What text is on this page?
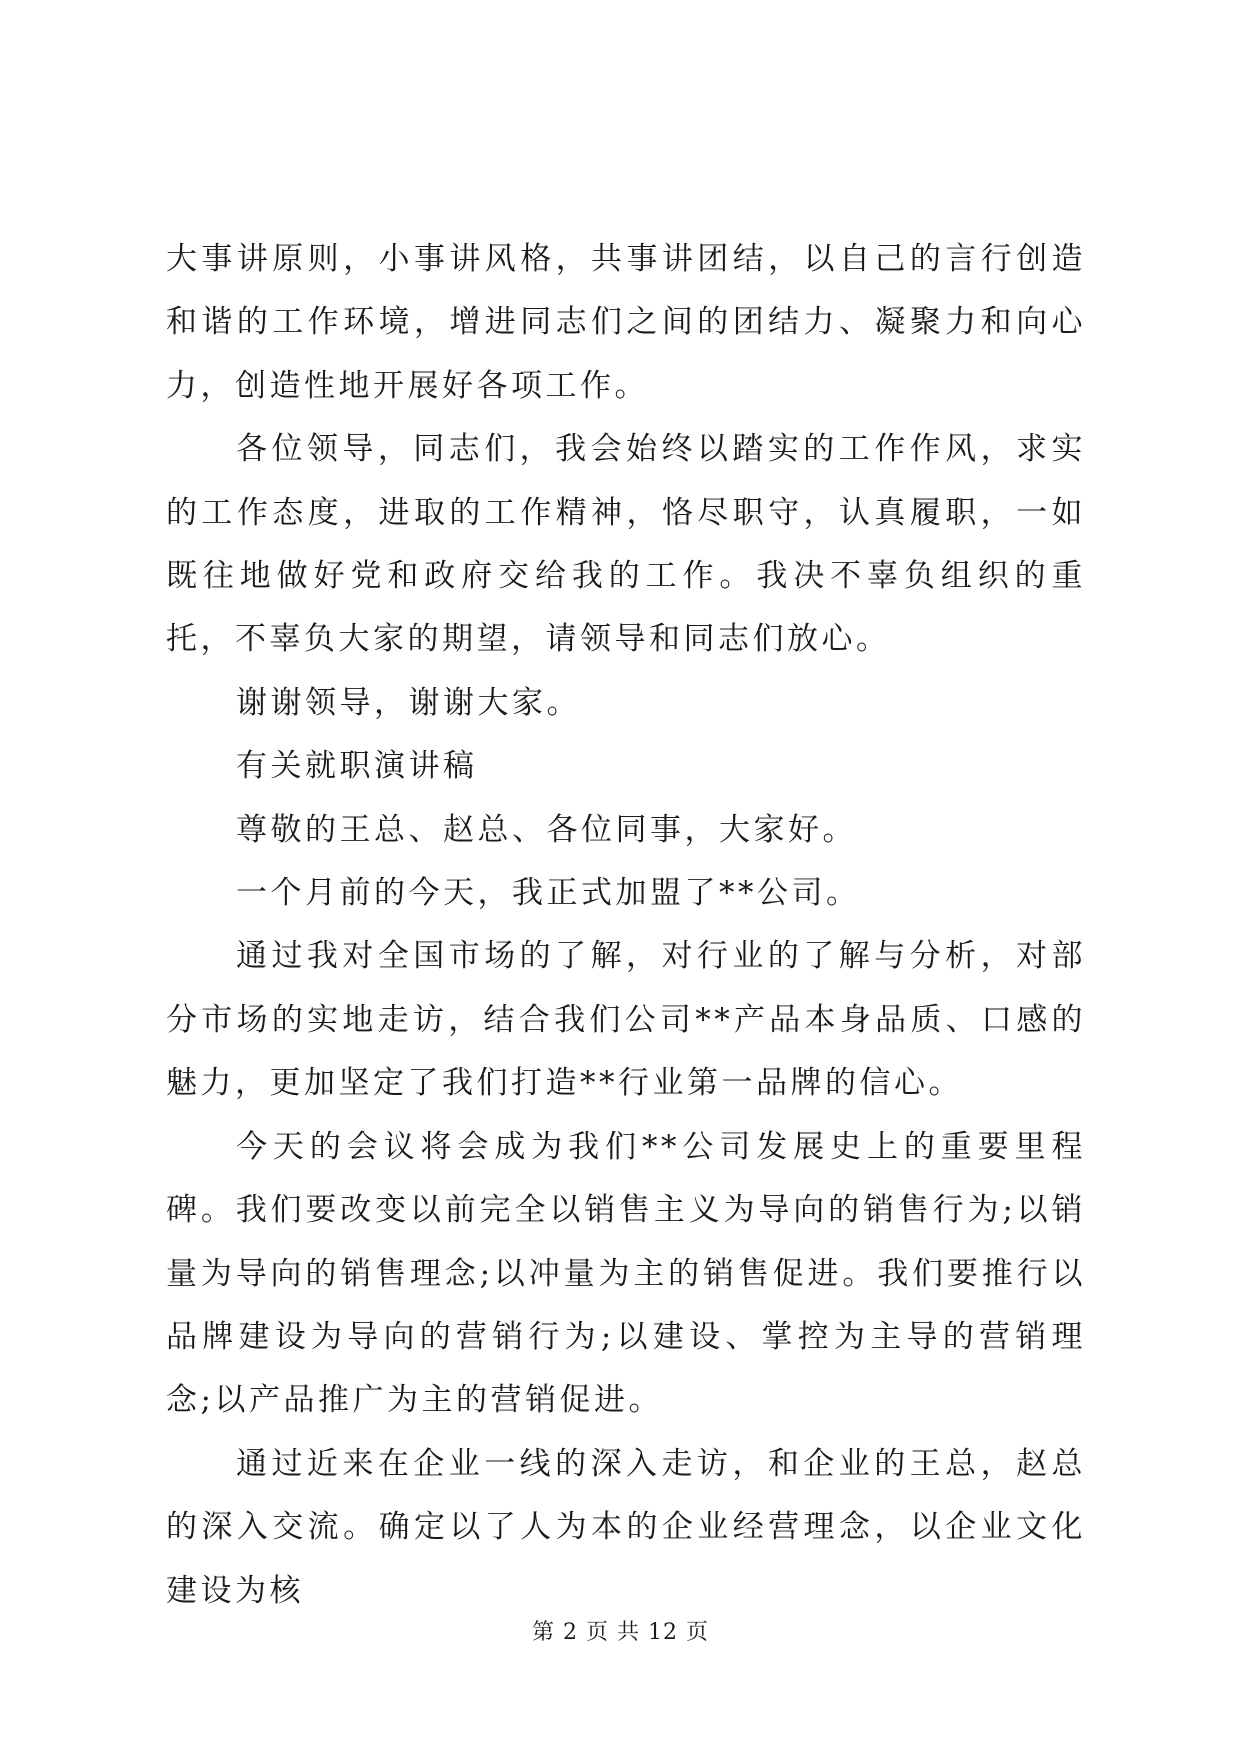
大事讲原则，小事讲风格，共事讲团结，以自己的言行创造和谐的工作环境，增进同志们之间的团结力、凝聚力和向心力，创造性地开展好各项工作。

各位领导，同志们，我会始终以踏实的工作作风，求实的工作态度，进取的工作精神，恪尽职守，认真履职，一如既往地做好党和政府交给我的工作。我决不辜负组织的重托，不辜负大家的期望，请领导和同志们放心。

谢谢领导，谢谢大家。

有关就职演讲稿

尊敬的王总、赵总、各位同事，大家好。

一个月前的今天，我正式加盟了**公司。

通过我对全国市场的了解，对行业的了解与分析，对部分市场的实地走访，结合我们公司**产品本身品质、口感的魅力，更加坚定了我们打造**行业第一品牌的信心。

今天的会议将会成为我们**公司发展史上的重要里程碑。我们要改变以前完全以销售主义为导向的销售行为;以销量为导向的销售理念;以冲量为主的销售促进。我们要推行以品牌建设为导向的营销行为;以建设、掌控为主导的营销理念;以产品推广为主的营销促进。

通过近来在企业一线的深入走访，和企业的王总，赵总的深入交流。确定以了人为本的企业经营理念，以企业文化建设为核

第 2 页 共 12 页
